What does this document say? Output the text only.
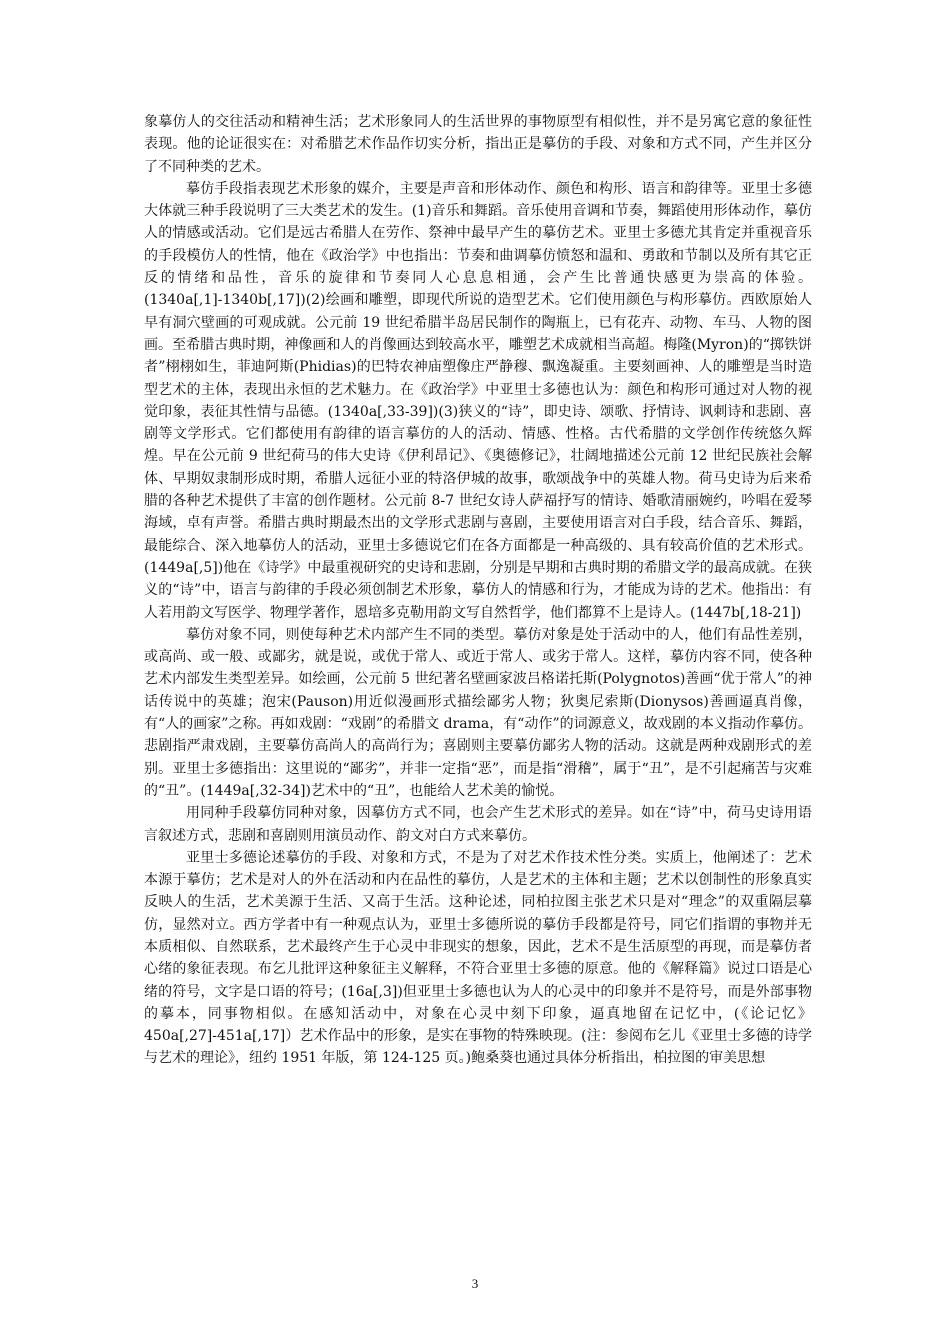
象摹仿人的交往活动和精神生活；艺术形象同人的生活世界的事物原型有相似性，并不是另寓它意的象征性表现。他的论证很实在：对希腊艺术作品作切实分析，指出正是摹仿的手段、对象和方式不同，产生并区分了不同种类的艺术。

摹仿手段指表现艺术形象的媒介，主要是声音和形体动作、颜色和构形、语言和韵律等。亚里士多德大体就三种手段说明了三大类艺术的发生。(1)音乐和舞蹈。音乐使用音调和节奏，舞蹈使用形体动作，摹仿人的情感或活动。它们是远古希腊人在劳作、祭神中最早产生的摹仿艺术。亚里士多德尤其肯定并重视音乐的手段模仿人的性情，他在《政治学》中也指出：节奏和曲调摹仿愤怒和温和、勇敢和节制以及所有其它正反的情绪和品性，音乐的旋律和节奏同人心息息相通，会产生比普通快感更为崇高的体验。(1340a[,1]-1340b[,17])(2)绘画和雕塑，即现代所说的造型艺术。它们使用颜色与构形摹仿。西欧原始人早有洞穴壁画的可观成就。公元前 19 世纪希腊半岛居民制作的陶瓶上，已有花卉、动物、车马、人物的图画。至希腊古典时期，神像画和人的肖像画达到较高水平，雕塑艺术成就相当高超。梅隆(Myron)的“掷铁饼者”栩栩如生，菲迪阿斯(Phidias)的巴特农神庙塑像庄严静穆、飘逸凝重。主要刻画神、人的雕塑是当时造型艺术的主体，表现出永恒的艺术魅力。在《政治学》中亚里士多德也认为：颜色和构形可通过对人物的视觉印象，表征其性情与品德。(1340a[,33-39])(3)狭义的“诗”，即史诗、颂歌、抒情诗、讽刺诗和悲剧、喜剧等文学形式。它们都使用有韵律的语言摹仿的人的活动、情感、性格。古代希腊的文学创作传统悠久辉煌。早在公元前 9 世纪荷马的伟大史诗《伊利昂记》、《奥德修记》，壮阔地描述公元前 12 世纪民族社会解体、早期奴隶制形成时期，希腊人远征小亚的特洛伊城的故事，歌颂战争中的英雄人物。荷马史诗为后来希腊的各种艺术提供了丰富的创作题材。公元前 8-7 世纪女诗人萨福抒写的情诗、婚歌清丽婉约，吟唱在爱琴海域，卓有声誉。希腊古典时期最杰出的文学形式悲剧与喜剧，主要使用语言对白手段，结合音乐、舞蹈，最能综合、深入地摹仿人的活动，亚里士多德说它们在各方面都是一种高级的、具有较高价值的艺术形式。(1449a[,5])他在《诗学》中最重视研究的史诗和悲剧，分别是早期和古典时期的希腊文学的最高成就。在狭义的“诗”中，语言与韵律的手段必须创制艺术形象，摹仿人的情感和行为，才能成为诗的艺术。他指出：有人若用韵文写医学、物理学著作，恩培多克勒用韵文写自然哲学，他们都算不上是诗人。(1447b[,18-21])

摹仿对象不同，则使每种艺术内部产生不同的类型。摹仿对象是处于活动中的人，他们有品性差别，或高尚、或一般、或鄙劣，就是说，或优于常人、或近于常人、或劣于常人。这样，摹仿内容不同，使各种艺术内部发生类型差异。如绘画，公元前 5 世纪著名壁画家波吕格诺托斯(Polygnotos)善画“优于常人”的神话传说中的英雄；泡宋(Pauson)用近似漫画形式描绘鄙劣人物；狄奥尼索斯(Dionysos)善画逼真肖像，有“人的画家”之称。再如戏剧：“戏剧”的希腊文 drama，有“动作”的词源意义，故戏剧的本义指动作摹仿。悲剧指严肃戏剧，主要摹仿高尚人的高尚行为；喜剧则主要摹仿鄙劣人物的活动。这就是两种戏剧形式的差别。亚里士多德指出：这里说的“鄙劣”，并非一定指“恶”，而是指“滑稽”，属于“丑”，是不引起痛苦与灾难的“丑”。(1449a[,32-34])艺术中的“丑”，也能给人艺术美的愉悦。

用同种手段摹仿同种对象，因摹仿方式不同，也会产生艺术形式的差异。如在“诗”中，荷马史诗用语言叙述方式，悲剧和喜剧则用演员动作、韵文对白方式来摹仿。

亚里士多德论述摹仿的手段、对象和方式，不是为了对艺术作技术性分类。实质上，他阐述了：艺术本源于摹仿；艺术是对人的外在活动和内在品性的摹仿，人是艺术的主体和主题；艺术以创制性的形象真实反映人的生活，艺术美源于生活、又高于生活。这种论述，同柏拉图主张艺术只是对“理念”的双重隔层摹仿，显然对立。西方学者中有一种观点认为，亚里士多德所说的摹仿手段都是符号，同它们指谓的事物并无本质相似、自然联系，艺术最终产生于心灵中非现实的想象，因此，艺术不是生活原型的再现，而是摹仿者心绪的象征表现。布乞儿批评这种象征主义解释，不符合亚里士多德的原意。他的《解释篇》说过口语是心绪的符号，文字是口语的符号；(16a[,3])但亚里士多德也认为人的心灵中的印象并不是符号，而是外部事物的摹本，同事物相似。在感知活动中，对象在心灵中刻下印象，逼真地留在记忆中，(《论记忆》450a[,27]-451a[,17]）艺术作品中的形象，是实在事物的特殊映现。(注：参阅布乞儿《亚里士多德的诗学与艺术的理论》，纽约 1951 年版，第 124-125 页。)鲍桑葵也通过具体分析指出，柏拉图的审美思想

3
